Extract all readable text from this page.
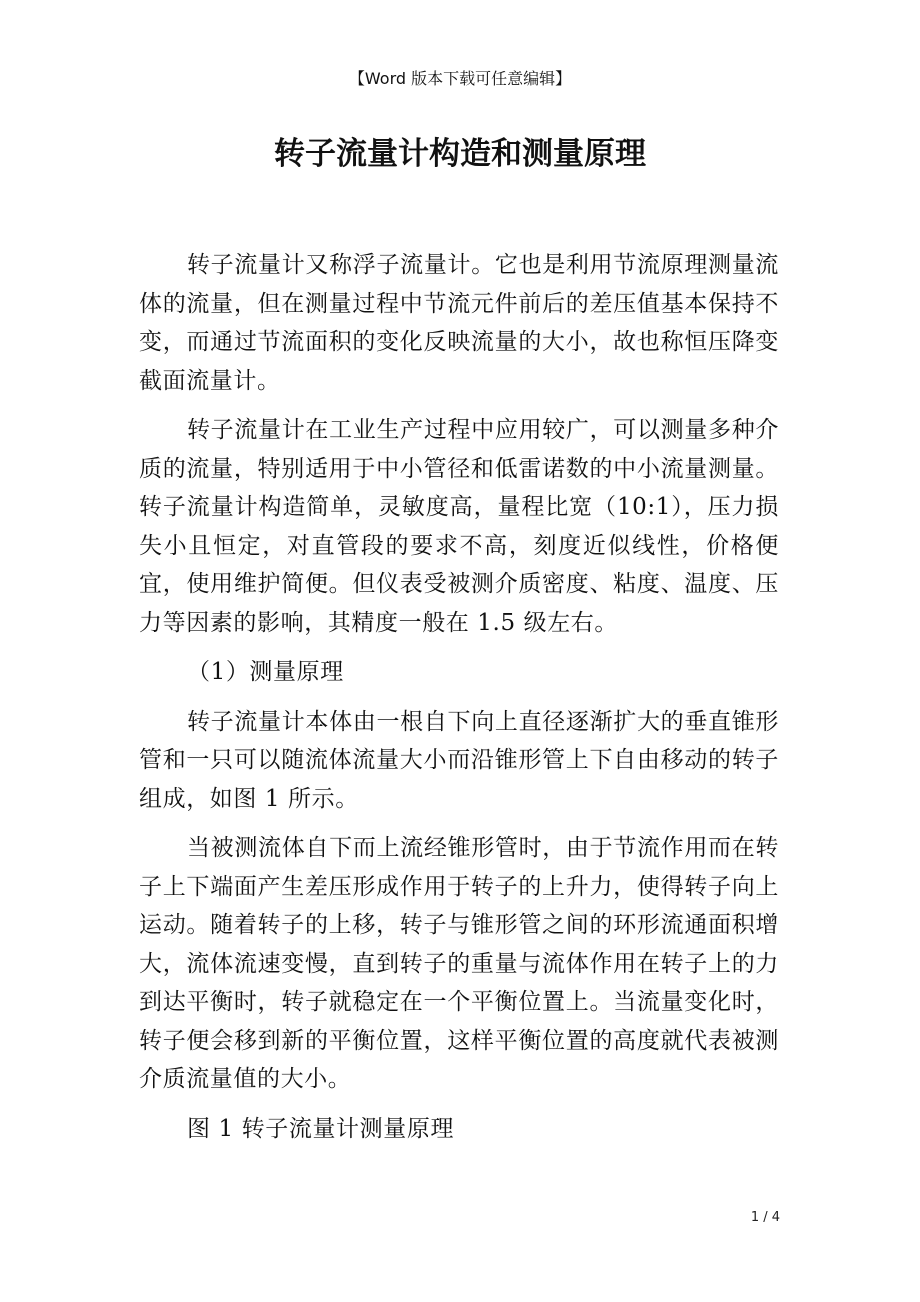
【Word 版本下载可任意编辑】
转子流量计构造和测量原理

转子流量计又称浮子流量计。它也是利用节流原理测量流体的流量，但在测量过程中节流元件前后的差压值基本保持不变，而通过节流面积的变化反映流量的大小，故也称恒压降变截面流量计。

转子流量计在工业生产过程中应用较广，可以测量多种介质的流量，特别适用于中小管径和低雷诺数的中小流量测量。转子流量计构造简单，灵敏度高，量程比宽（10:1），压力损失小且恒定，对直管段的要求不高，刻度近似线性，价格便宜，使用维护简便。但仪表受被测介质密度、粘度、温度、压力等因素的影响，其精度一般在 1.5 级左右。

（1）测量原理

转子流量计本体由一根自下向上直径逐渐扩大的垂直锥形管和一只可以随流体流量大小而沿锥形管上下自由移动的转子组成，如图 1 所示。

当被测流体自下而上流经锥形管时，由于节流作用而在转子上下端面产生差压形成作用于转子的上升力，使得转子向上运动。随着转子的上移，转子与锥形管之间的环形流通面积增大，流体流速变慢，直到转子的重量与流体作用在转子上的力到达平衡时，转子就稳定在一个平衡位置上。当流量变化时，转子便会移到新的平衡位置，这样平衡位置的高度就代表被测介质流量值的大小。

图 1 转子流量计测量原理

1 / 4
